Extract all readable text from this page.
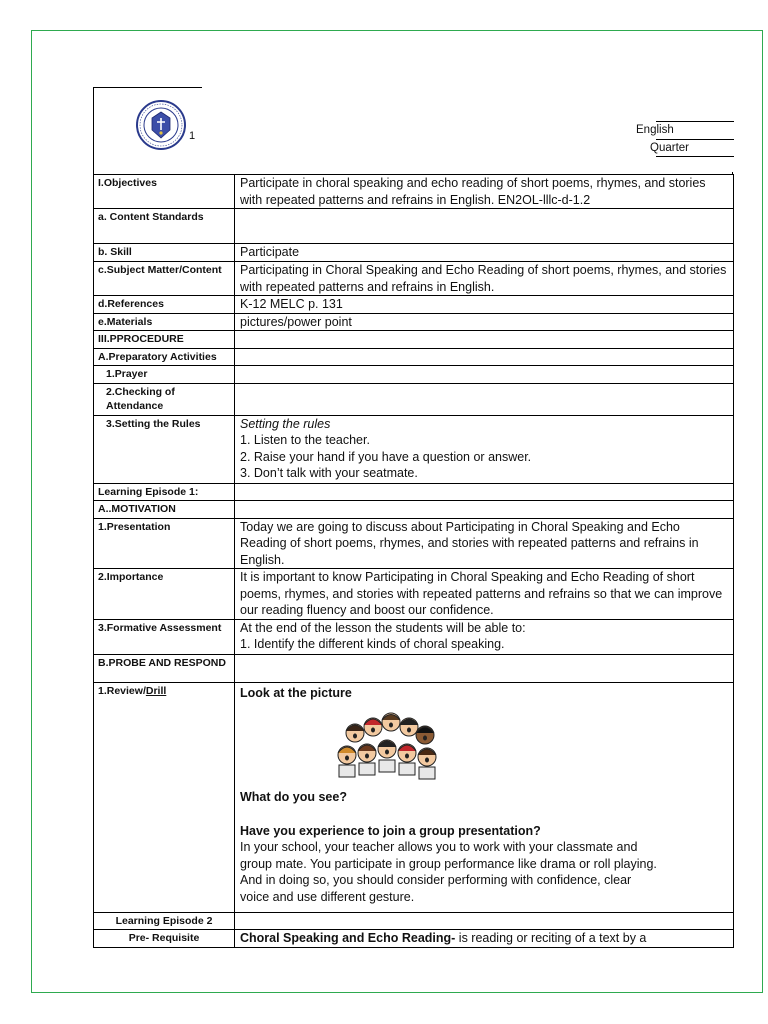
1	English
Quarter
I.Objectives	Participate in choral speaking and echo reading of short poems, rhymes, and stories with repeated patterns and refrains in English. EN2OL-lllc-d-1.2
a. Content Standards	
b. Skill	Participate
c.Subject Matter/Content	Participating in Choral Speaking and Echo Reading of short poems, rhymes, and stories with repeated patterns and refrains in English.
d.References	K-12 MELC p. 131
e.Materials	pictures/power point
III.PPROCEDURE	
A.Preparatory Activities	
1.Prayer	
2.Checking of Attendance	
3.Setting the Rules	Setting the rules
1. Listen to the teacher.
2. Raise your hand if you have a question or answer.
3. Don’t talk with your seatmate.

Learning Episode 1:	
A..MOTIVATION	
1.Presentation	Today we are going to discuss about Participating in Choral Speaking and Echo Reading of short poems, rhymes, and stories with repeated patterns and refrains in English.
2.Importance	It is important to know Participating in Choral Speaking and Echo Reading of short poems, rhymes, and stories with repeated patterns and refrains so that we can improve our reading fluency and boost our confidence.
3.Formative Assessment	At the end of the lesson the students will be able to:
1. Identify the different kinds of choral speaking.

B.PROBE AND RESPOND	
1.Review/Drill	Look at the picture
What do you see?
Have you experience to join a group presentation?
In your school, your teacher allows you to work with your classmate and group mate. You participate in group performance like drama or roll playing. And in doing so, you should consider performing with confidence, clear voice and use different gesture.

Learning Episode 2	
Pre- Requisite	Choral Speaking and Echo Reading- is reading or reciting of a text by a
